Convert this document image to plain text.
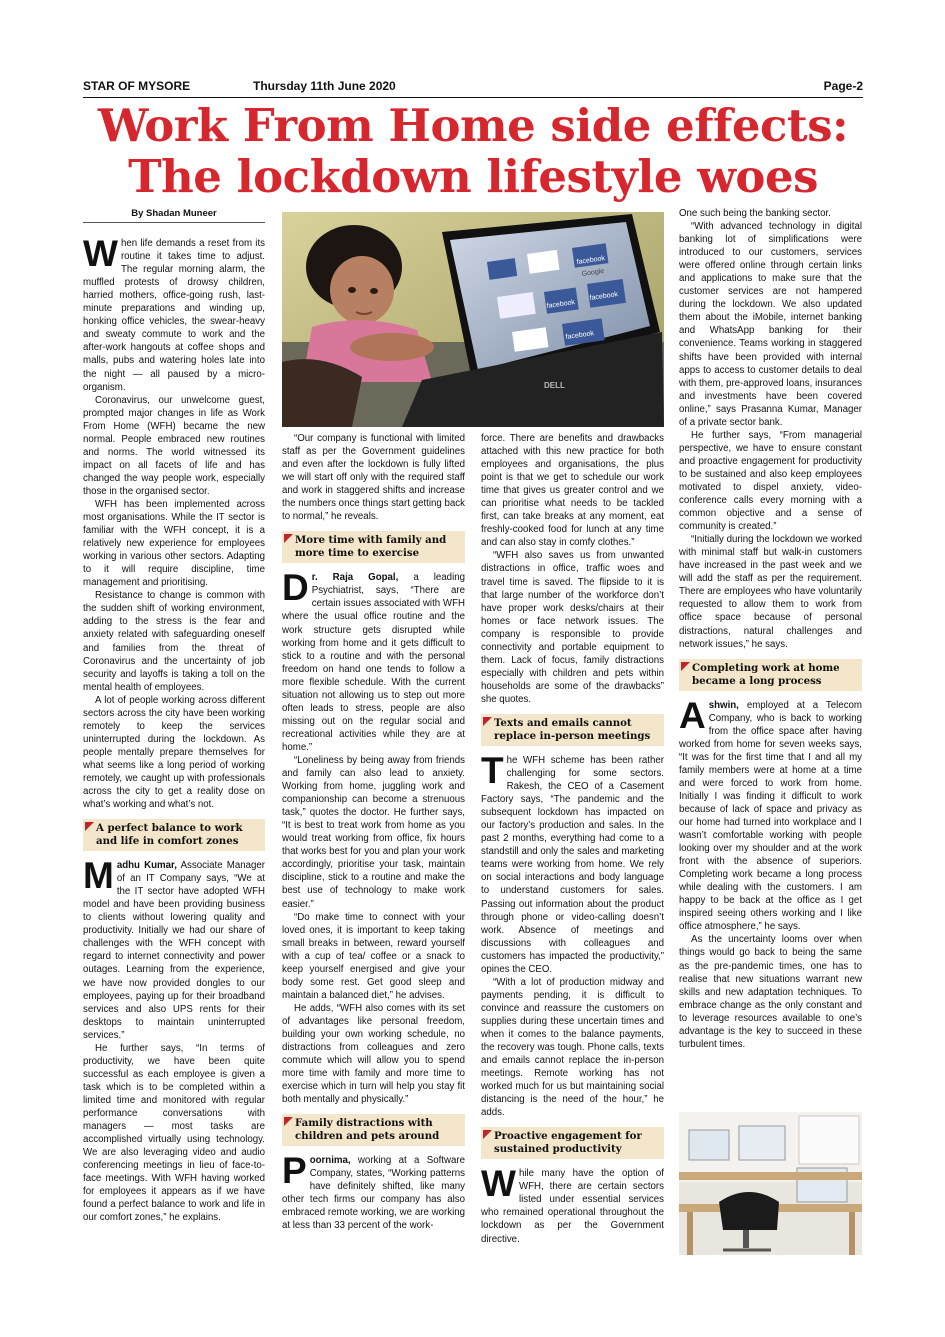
STAR OF MYSORE	Thursday 11th June 2020	Page-2
Work From Home side effects:
The lockdown lifestyle woes
By Shadan Muneer

When life demands a reset from its routine it takes time to adjust. The regular morning alarm, the muffled protests of drowsy children, harried mothers, office-going rush, last-minute preparations and winding up, honking office vehicles, the swear-heavy and sweaty commute to work and the after-work hangouts at coffee shops and malls, pubs and watering holes late into the night — all paused by a micro-organism.

Coronavirus, our unwelcome guest, prompted major changes in life as Work From Home (WFH) became the new normal. People embraced new routines and norms. The world witnessed its impact on all facets of life and has changed the way people work, especially those in the organised sector.

WFH has been implemented across most organisations. While the IT sector is familiar with the WFH concept, it is a relatively new experience for employees working in various other sectors. Adapting to it will require discipline, time management and prioritising.

Resistance to change is common with the sudden shift of working environment, adding to the stress is the fear and anxiety related with safeguarding oneself and families from the threat of Coronavirus and the uncertainty of job security and layoffs is taking a toll on the mental health of employees.

A lot of people working across different sectors across the city have been working remotely to keep the services uninterrupted during the lockdown. As people mentally prepare themselves for what seems like a long period of working remotely, we caught up with professionals across the city to get a reality dose on what’s working and what’s not.

A perfect balance to work and life in comfort zones

Madhu Kumar, Associate Manager of an IT Company says, “We at the IT sector have adopted WFH model and have been providing business to clients without lowering quality and productivity. Initially we had our share of challenges with the WFH concept with regard to internet connectivity and power outages. Learning from the experience, we have now provided dongles to our employees, paying up for their broadband services and also UPS rents for their desktops to maintain uninterrupted services.”

He further says, “In terms of productivity, we have been quite successful as each employee is given a task which is to be completed within a limited time and monitored with regular performance conversations with managers — most tasks are accomplished virtually using technology. We are also leveraging video and audio conferencing meetings in lieu of face-to-face meetings. With WFH having worked for employees it appears as if we have found a perfect balance to work and life in our comfort zones,” he explains.

facebook
Google
facebook
facebook
facebook
DELL

“Our company is functional with limited staff as per the Government guidelines and even after the lockdown is fully lifted we will start off only with the required staff and work in staggered shifts and increase the numbers once things start getting back to normal,” he reveals.

More time with family and more time to exercise

Dr. Raja Gopal, a leading Psychiatrist, says, “There are certain issues associated with WFH where the usual office routine and the work structure gets disrupted while working from home and it gets difficult to stick to a routine and with the personal freedom on hand one tends to follow a more flexible schedule. With the current situation not allowing us to step out more often leads to stress, people are also missing out on the regular social and recreational activities while they are at home.”

“Loneliness by being away from friends and family can also lead to anxiety. Working from home, juggling work and companionship can become a strenuous task,” quotes the doctor. He further says, “It is best to treat work from home as you would treat working from office, fix hours that works best for you and plan your work accordingly, prioritise your task, maintain discipline, stick to a routine and make the best use of technology to make work easier.”

“Do make time to connect with your loved ones, it is important to keep taking small breaks in between, reward yourself with a cup of tea/ coffee or a snack to keep yourself energised and give your body some rest. Get good sleep and maintain a balanced diet,” he advises.

He adds, “WFH also comes with its set of advantages like personal freedom, building your own working schedule, no distractions from colleagues and zero commute which will allow you to spend more time with family and more time to exercise which in turn will help you stay fit both mentally and physically.”

Family distractions with children and pets around

Poornima, working at a Software Company, states, “Working patterns have definitely shifted, like many other tech firms our company has also embraced remote working, we are working at less than 33 percent of the work-

force. There are benefits and drawbacks attached with this new practice for both employees and organisations, the plus point is that we get to schedule our work time that gives us greater control and we can prioritise what needs to be tackled first, can take breaks at any moment, eat freshly-cooked food for lunch at any time and can also stay in comfy clothes.”

“WFH also saves us from unwanted distractions in office, traffic woes and travel time is saved. The flipside to it is that large number of the workforce don’t have proper work desks/chairs at their homes or face network issues. The company is responsible to provide connectivity and portable equipment to them. Lack of focus, family distractions especially with children and pets within households are some of the drawbacks” she quotes.

Texts and emails cannot replace in-person meetings

The WFH scheme has been rather challenging for some sectors. Rakesh, the CEO of a Casement Factory says, “The pandemic and the subsequent lockdown has impacted on our factory’s production and sales. In the past 2 months, everything had come to a standstill and only the sales and marketing teams were working from home. We rely on social interactions and body language to understand customers for sales. Passing out information about the product through phone or video-calling doesn’t work. Absence of meetings and discussions with colleagues and customers has impacted the productivity,” opines the CEO.

“With a lot of production midway and payments pending, it is difficult to convince and reassure the customers on supplies during these uncertain times and when it comes to the balance payments, the recovery was tough. Phone calls, texts and emails cannot replace the in-person meetings. Remote working has not worked much for us but maintaining social distancing is the need of the hour,” he adds.

Proactive engagement for sustained productivity

While many have the option of WFH, there are certain sectors listed under essential services who remained operational throughout the lockdown as per the Government directive.

One such being the banking sector.

“With advanced technology in digital banking lot of simplifications were introduced to our customers, services were offered online through certain links and applications to make sure that the customer services are not hampered during the lockdown. We also updated them about the iMobile, internet banking and WhatsApp banking for their convenience. Teams working in staggered shifts have been provided with internal apps to access to customer details to deal with them, pre-approved loans, insurances and investments have been covered online,” says Prasanna Kumar, Manager of a private sector bank.

He further says, “From managerial perspective, we have to ensure constant and proactive engagement for productivity to be sustained and also keep employees motivated to dispel anxiety, video-conference calls every morning with a common objective and a sense of community is created.”

“Initially during the lockdown we worked with minimal staff but walk-in customers have increased in the past week and we will add the staff as per the requirement. There are employees who have voluntarily requested to allow them to work from office space because of personal distractions, natural challenges and network issues,” he says.

Completing work at home became a long process

Ashwin, employed at a Telecom Company, who is back to working from the office space after having worked from home for seven weeks says, “It was for the first time that I and all my family members were at home at a time and were forced to work from home. Initially I was finding it difficult to work because of lack of space and privacy as our home had turned into workplace and I wasn’t comfortable working with people looking over my shoulder and at the work front with the absence of superiors. Completing work became a long process while dealing with the customers. I am happy to be back at the office as I get inspired seeing others working and I like office atmosphere,” he says.

As the uncertainty looms over when things would go back to being the same as the pre-pandemic times, one has to realise that new situations warrant new skills and new adaptation techniques. To embrace change as the only constant and to leverage resources available to one’s advantage is the key to succeed in these turbulent times.
